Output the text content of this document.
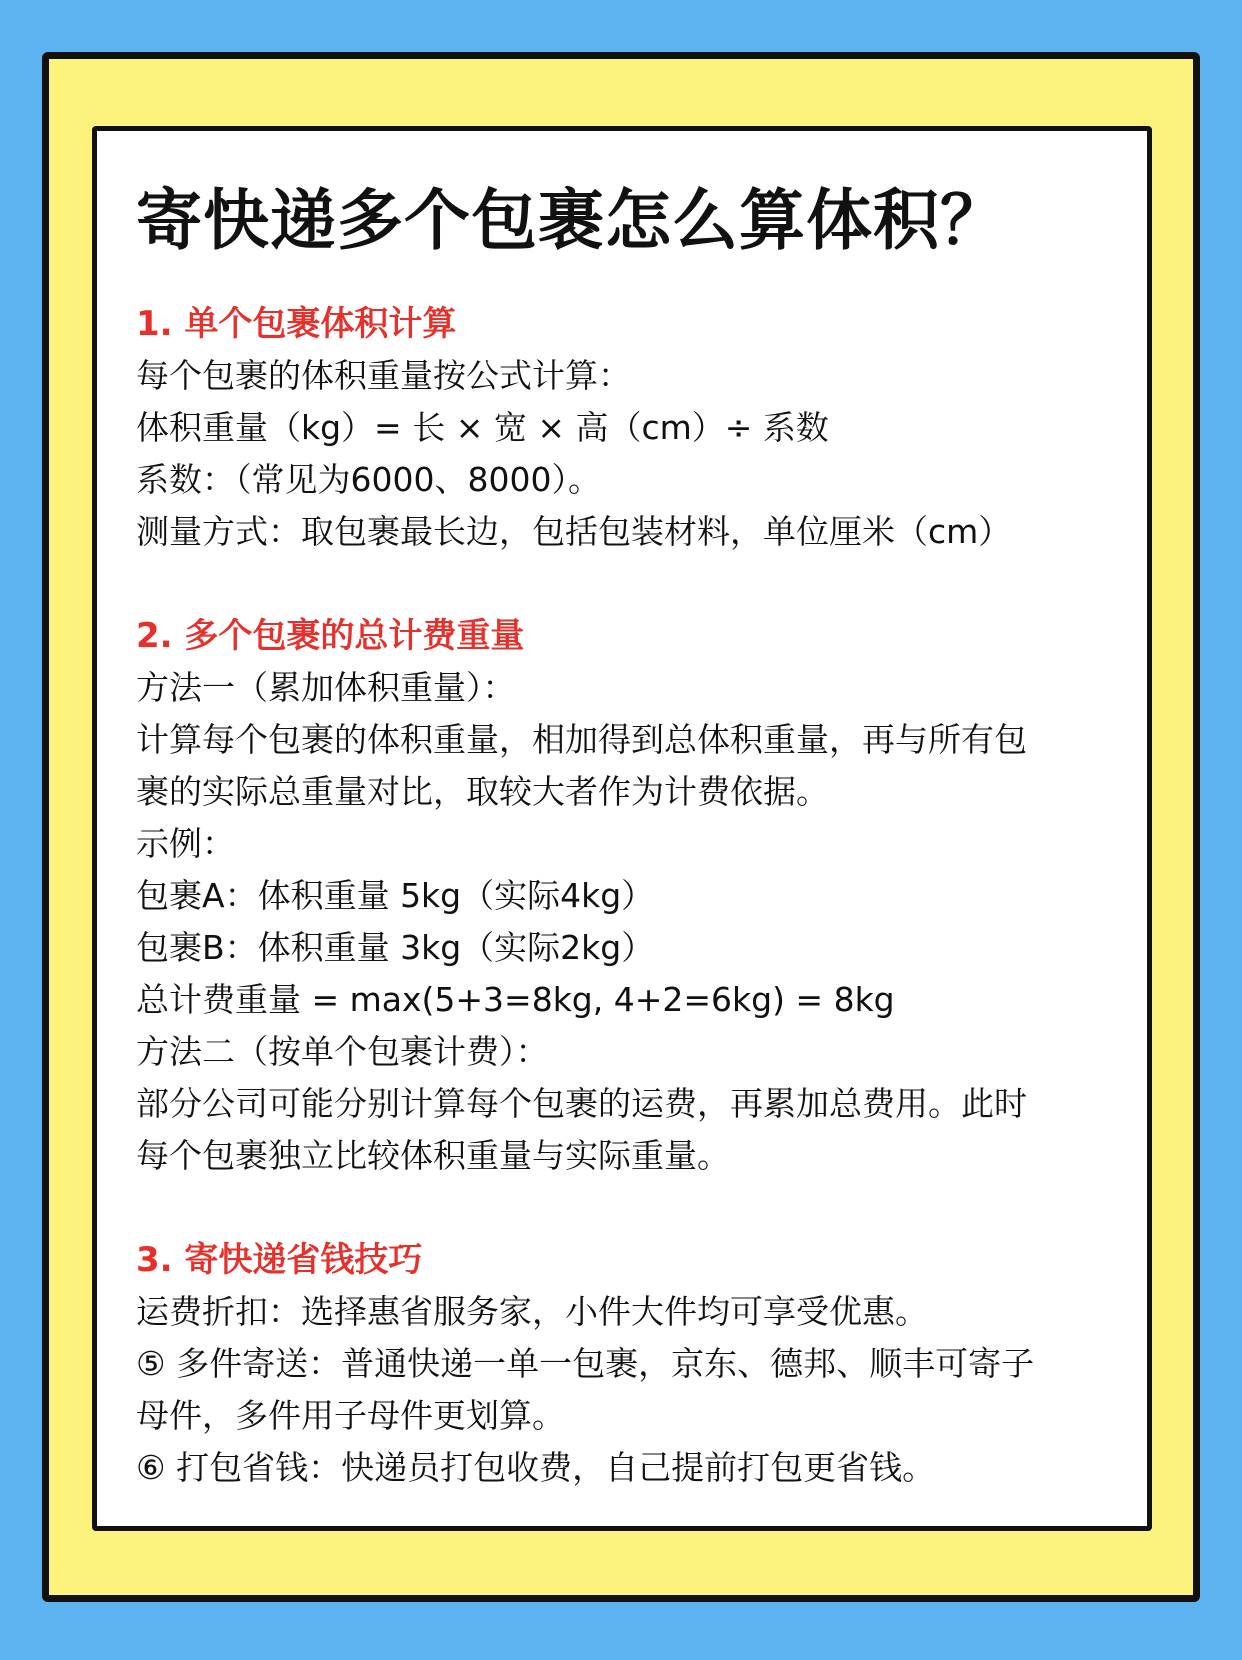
寄快递多个包裹怎么算体积？
1. 单个包裹体积计算
每个包裹的体积重量按公式计算：
体积重量（kg）= 长 × 宽 × 高（cm）÷ 系数
系数：（常见为6000、8000）。
测量方式：取包裹最长边，包括包装材料，单位厘米（cm）
2. 多个包裹的总计费重量
方法一（累加体积重量）：
计算每个包裹的体积重量，相加得到总体积重量，再与所有包
裹的实际总重量对比，取较大者作为计费依据。
示例：
包裹A：体积重量 5kg（实际4kg）
包裹B：体积重量 3kg（实际2kg）
总计费重量 = max(5+3=8kg, 4+2=6kg) = 8kg
方法二（按单个包裹计费）：
部分公司可能分别计算每个包裹的运费，再累加总费用。此时
每个包裹独立比较体积重量与实际重量。
3. 寄快递省钱技巧
运费折扣：选择惠省服务家，小件大件均可享受优惠。
⑤ 多件寄送：普通快递一单一包裹，京东、德邦、顺丰可寄子
母件，多件用子母件更划算。
⑥ 打包省钱：快递员打包收费，自己提前打包更省钱。
